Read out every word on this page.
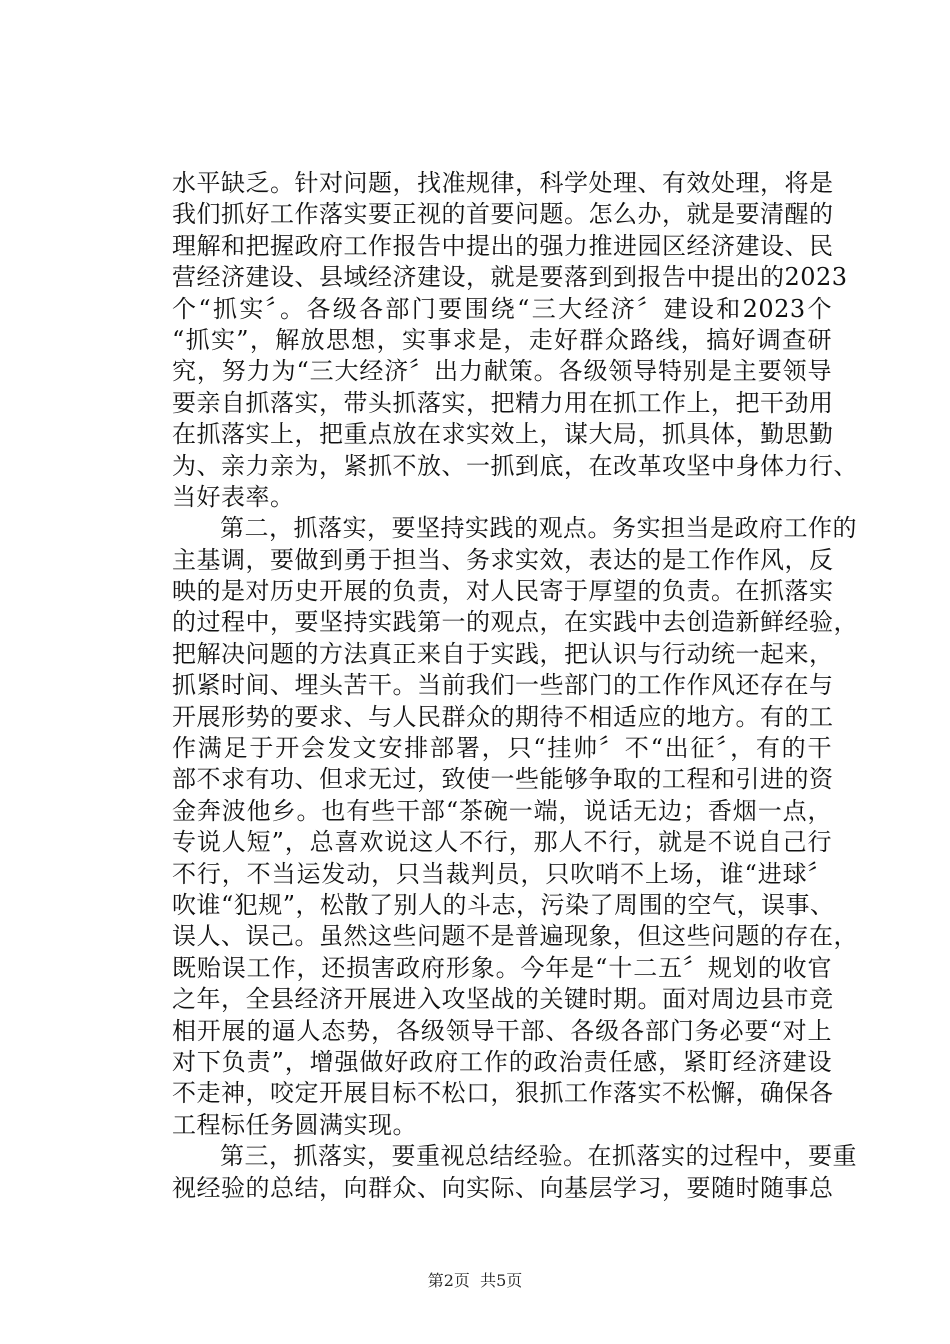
水平缺乏。针对问题，找准规律，科学处理、有效处理，将是
我们抓好工作落实要正视的首要问题。怎么办，就是要清醒的
理解和把握政府工作报告中提出的强力推进园区经济建设、民
营经济建设、县域经济建设，就是要落到到报告中提出的2023
个“抓实〞。各级各部门要围绕“三大经济〞建设和2023个
“抓实”，解放思想，实事求是，走好群众路线，搞好调查研
究，努力为“三大经济〞出力献策。各级领导特别是主要领导
要亲自抓落实，带头抓落实，把精力用在抓工作上，把干劲用
在抓落实上，把重点放在求实效上，谋大局，抓具体，勤思勤
为、亲力亲为，紧抓不放、一抓到底，在改革攻坚中身体力行、
当好表率。
第二，抓落实，要坚持实践的观点。务实担当是政府工作的
主基调，要做到勇于担当、务求实效，表达的是工作作风，反
映的是对历史开展的负责，对人民寄于厚望的负责。在抓落实
的过程中，要坚持实践第一的观点，在实践中去创造新鲜经验，
把解决问题的方法真正来自于实践，把认识与行动统一起来，
抓紧时间、埋头苦干。当前我们一些部门的工作作风还存在与
开展形势的要求、与人民群众的期待不相适应的地方。有的工
作满足于开会发文安排部署，只“挂帅〞不“出征〞，有的干
部不求有功、但求无过，致使一些能够争取的工程和引进的资
金奔波他乡。也有些干部“茶碗一端，说话无边；香烟一点，
专说人短”，总喜欢说这人不行，那人不行，就是不说自己行
不行，不当运发动，只当裁判员，只吹哨不上场，谁“进球〞
吹谁“犯规”，松散了别人的斗志，污染了周围的空气，误事、
误人、误己。虽然这些问题不是普遍现象，但这些问题的存在，
既贻误工作，还损害政府形象。今年是“十二五〞规划的收官
之年，全县经济开展进入攻坚战的关键时期。面对周边县市竞
相开展的逼人态势，各级领导干部、各级各部门务必要“对上
对下负责”，增强做好政府工作的政治责任感，紧盯经济建设
不走神，咬定开展目标不松口，狠抓工作落实不松懈，确保各
工程标任务圆满实现。
第三，抓落实，要重视总结经验。在抓落实的过程中，要重
视经验的总结，向群众、向实际、向基层学习，要随时随事总
第2页  共5页
